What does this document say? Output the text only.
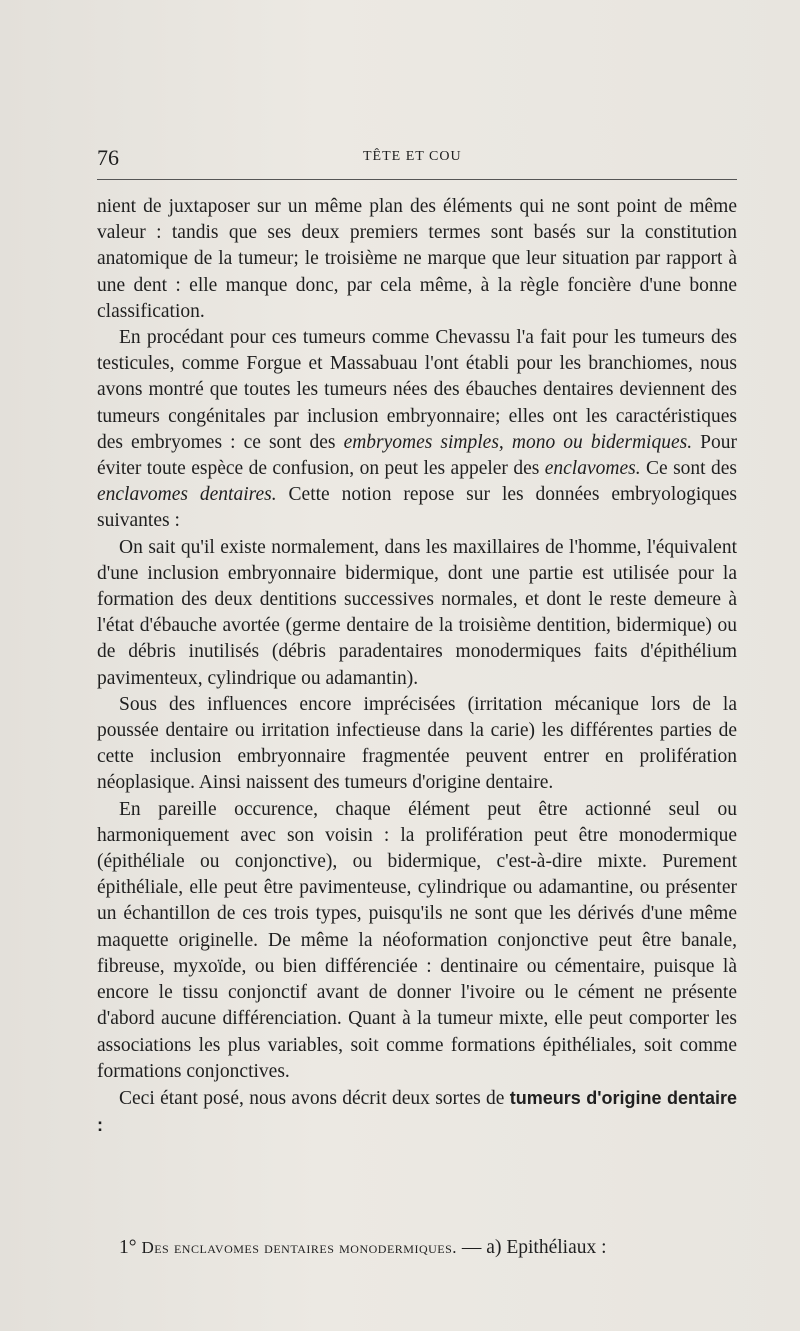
76	TÊTE ET COU

nient de juxtaposer sur un même plan des éléments qui ne sont point de même valeur : tandis que ses deux premiers termes sont basés sur la constitution anatomique de la tumeur; le troisième ne marque que leur situation par rapport à une dent : elle manque donc, par cela même, à la règle foncière d'une bonne classification.

En procédant pour ces tumeurs comme Chevassu l'a fait pour les tumeurs des testicules, comme Forgue et Massabuau l'ont établi pour les branchiomes, nous avons montré que toutes les tumeurs nées des ébauches dentaires deviennent des tumeurs congénitales par inclusion embryonnaire; elles ont les caractéristiques des embryomes : ce sont des embryomes simples, mono ou bidermiques. Pour éviter toute espèce de confusion, on peut les appeler des enclavomes. Ce sont des enclavomes dentaires. Cette notion repose sur les données embryologiques suivantes :

On sait qu'il existe normalement, dans les maxillaires de l'homme, l'équivalent d'une inclusion embryonnaire bidermique, dont une partie est utilisée pour la formation des deux dentitions successives normales, et dont le reste demeure à l'état d'ébauche avortée (germe dentaire de la troisième dentition, bidermique) ou de débris inutilisés (débris paradentaires monodermiques faits d'épithélium pavimenteux, cylindrique ou adamantin).

Sous des influences encore imprécisées (irritation mécanique lors de la poussée dentaire ou irritation infectieuse dans la carie) les différentes parties de cette inclusion embryonnaire fragmentée peuvent entrer en prolifération néoplasique. Ainsi naissent des tumeurs d'origine dentaire.

En pareille occurence, chaque élément peut être actionné seul ou harmoniquement avec son voisin : la prolifération peut être monodermique (épithéliale ou conjonctive), ou bidermique, c'est-à-dire mixte. Purement épithéliale, elle peut être pavimenteuse, cylindrique ou adamantine, ou présenter un échantillon de ces trois types, puisqu'ils ne sont que les dérivés d'une même maquette originelle. De même la néoformation conjonctive peut être banale, fibreuse, myxoïde, ou bien différenciée : dentinaire ou cémentaire, puisque là encore le tissu conjonctif avant de donner l'ivoire ou le cément ne présente d'abord aucune différenciation. Quant à la tumeur mixte, elle peut comporter les associations les plus variables, soit comme formations épithéliales, soit comme formations conjonctives.

Ceci étant posé, nous avons décrit deux sortes de tumeurs d'origine dentaire :

1° Des enclavomes dentaires monodermiques. — a) Epithéliaux :
